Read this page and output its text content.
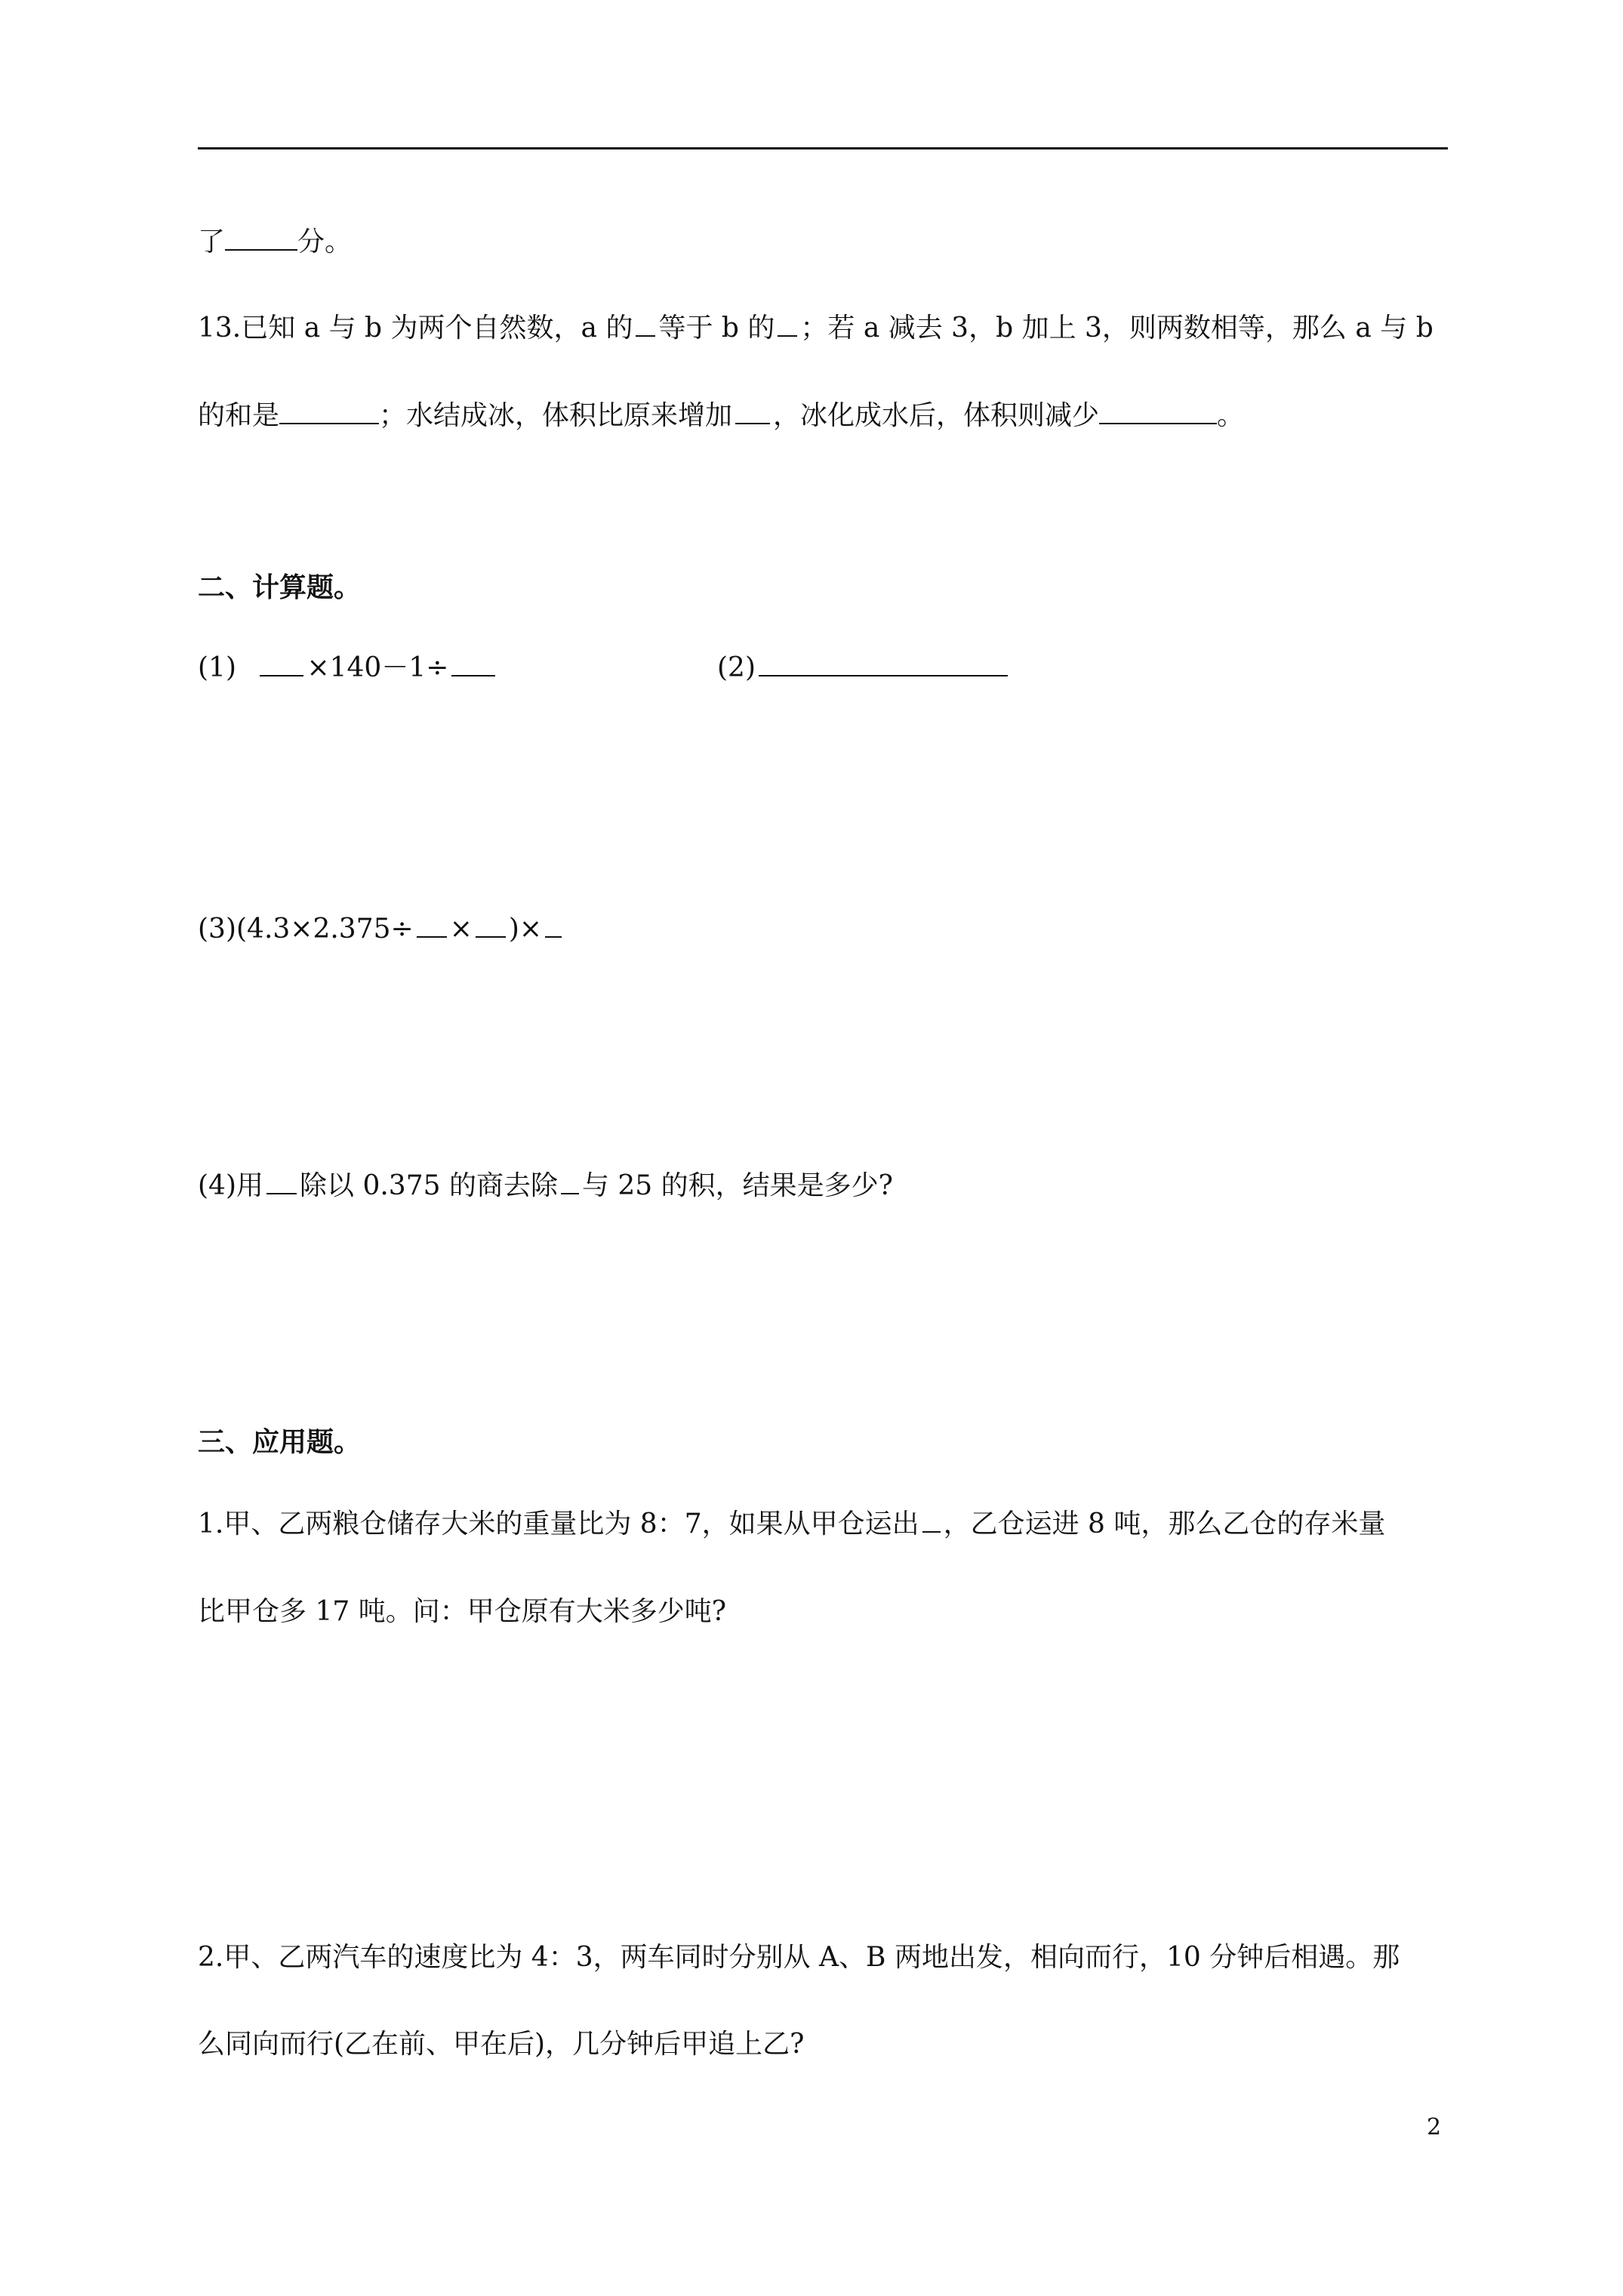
了	分。
13.已知 a 与 b 为两个自然数，a 的 等于 b 的 ；若 a 减去 3，b 加上 3，则两数相等，那么 a 与 b
的和是	；水结成冰，体积比原来增加 ，冰化成水后，体积则减少	。
二、计算题。
(1)	×140－1÷	(2)
(3)(4.3×2.375÷ × )×
(4)用 除以 0.375 的商去除 与 25 的积，结果是多少?
三、应用题。
1.甲、乙两粮仓储存大米的重量比为 8：7，如果从甲仓运出 ，乙仓运进 8 吨，那么乙仓的存米量
比甲仓多 17 吨。问：甲仓原有大米多少吨?
2.甲、乙两汽车的速度比为 4：3，两车同时分别从 A、B 两地出发，相向而行，10 分钟后相遇。那
么同向而行(乙在前、甲在后)，几分钟后甲追上乙?
2
